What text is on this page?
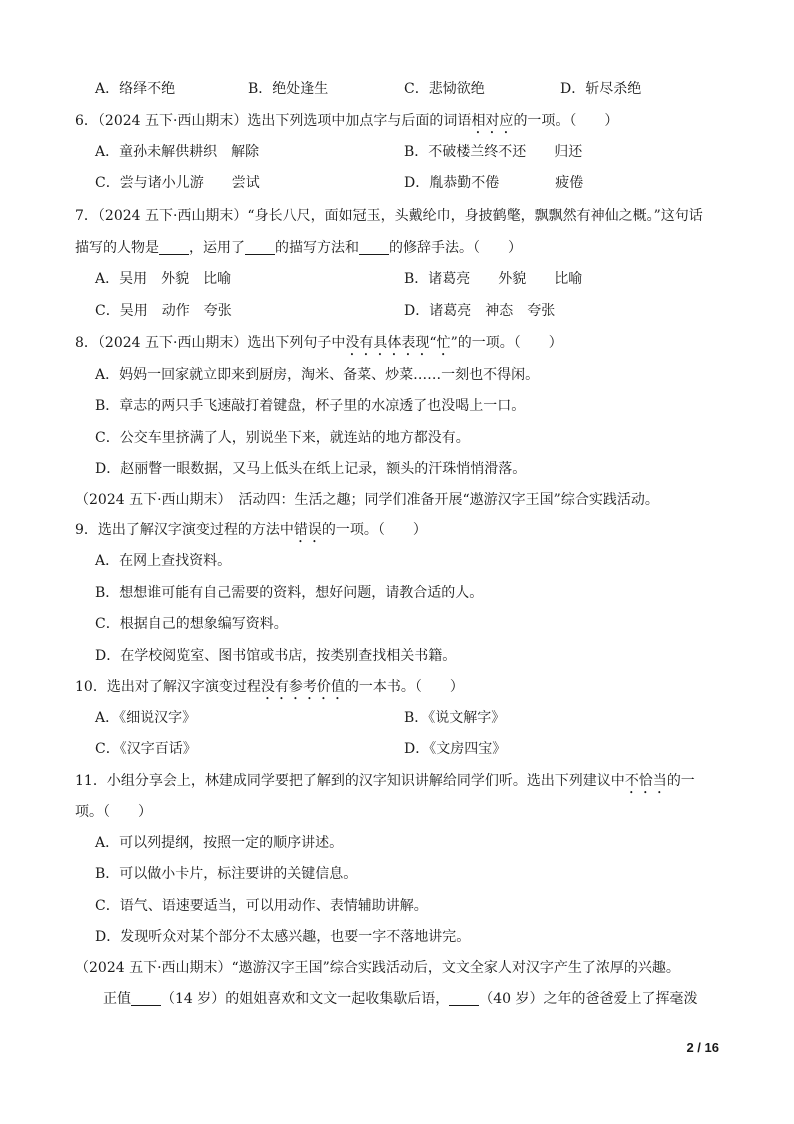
A．络绎不绝	B．绝处逢生	C．悲恸欲绝	D．斩尽杀绝
6．（2024 五下·西山期末）选出下列选项中加点字与后面的词语相对应的一项。（　　）
A．童孙未解供耕织　解除	B．不破楼兰终不还　　归还
C．尝与诸小儿游　　尝试	D．胤恭勤不倦　　　　疲倦
7．（2024 五下·西山期末）“身长八尺，面如冠玉，头戴纶巾，身披鹤氅，飘飘然有神仙之概。”这句话
描写的人物是 ，运用了 的描写方法和 的修辞手法。（　　）
A．吴用　外貌　比喻	B．诸葛亮　　外貌　　比喻
C．吴用　动作　夸张	D．诸葛亮　神态　夸张
8．（2024 五下·西山期末）选出下列句子中没有具体表现“忙”的一项。（　　）
A．妈妈一回家就立即来到厨房，淘米、备菜、炒菜……一刻也不得闲。
B．章志的两只手飞速敲打着键盘，杯子里的水凉透了也没喝上一口。
C．公交车里挤满了人，别说坐下来，就连站的地方都没有。
D．赵丽瞥一眼数据，又马上低头在纸上记录，额头的汗珠悄悄滑落。
（2024 五下·西山期末）　活动四：生活之趣；同学们准备开展“遨游汉字王国”综合实践活动。
9．选出了解汉字演变过程的方法中错误的一项。（　　）
A．在网上查找资料。
B．想想谁可能有自己需要的资料，想好问题，请教合适的人。
C．根据自己的想象编写资料。
D．在学校阅览室、图书馆或书店，按类别查找相关书籍。
10．选出对了解汉字演变过程没有参考价值的一本书。（　　）
A．《细说汉字》	B．《说文解字》
C．《汉字百话》	D．《文房四宝》
11．小组分享会上，林建成同学要把了解到的汉字知识讲解给同学们听。选出下列建议中不恰当的一
项。（　　）
A．可以列提纲，按照一定的顺序讲述。
B．可以做小卡片，标注要讲的关键信息。
C．语气、语速要适当，可以用动作、表情辅助讲解。
D．发现听众对某个部分不太感兴趣，也要一字不落地讲完。
（2024 五下·西山期末）“遨游汉字王国”综合实践活动后，文文全家人对汉字产生了浓厚的兴趣。
正值 （14 岁）的姐姐喜欢和文文一起收集歇后语， （40 岁）之年的爸爸爱上了挥毫泼
2 / 16
